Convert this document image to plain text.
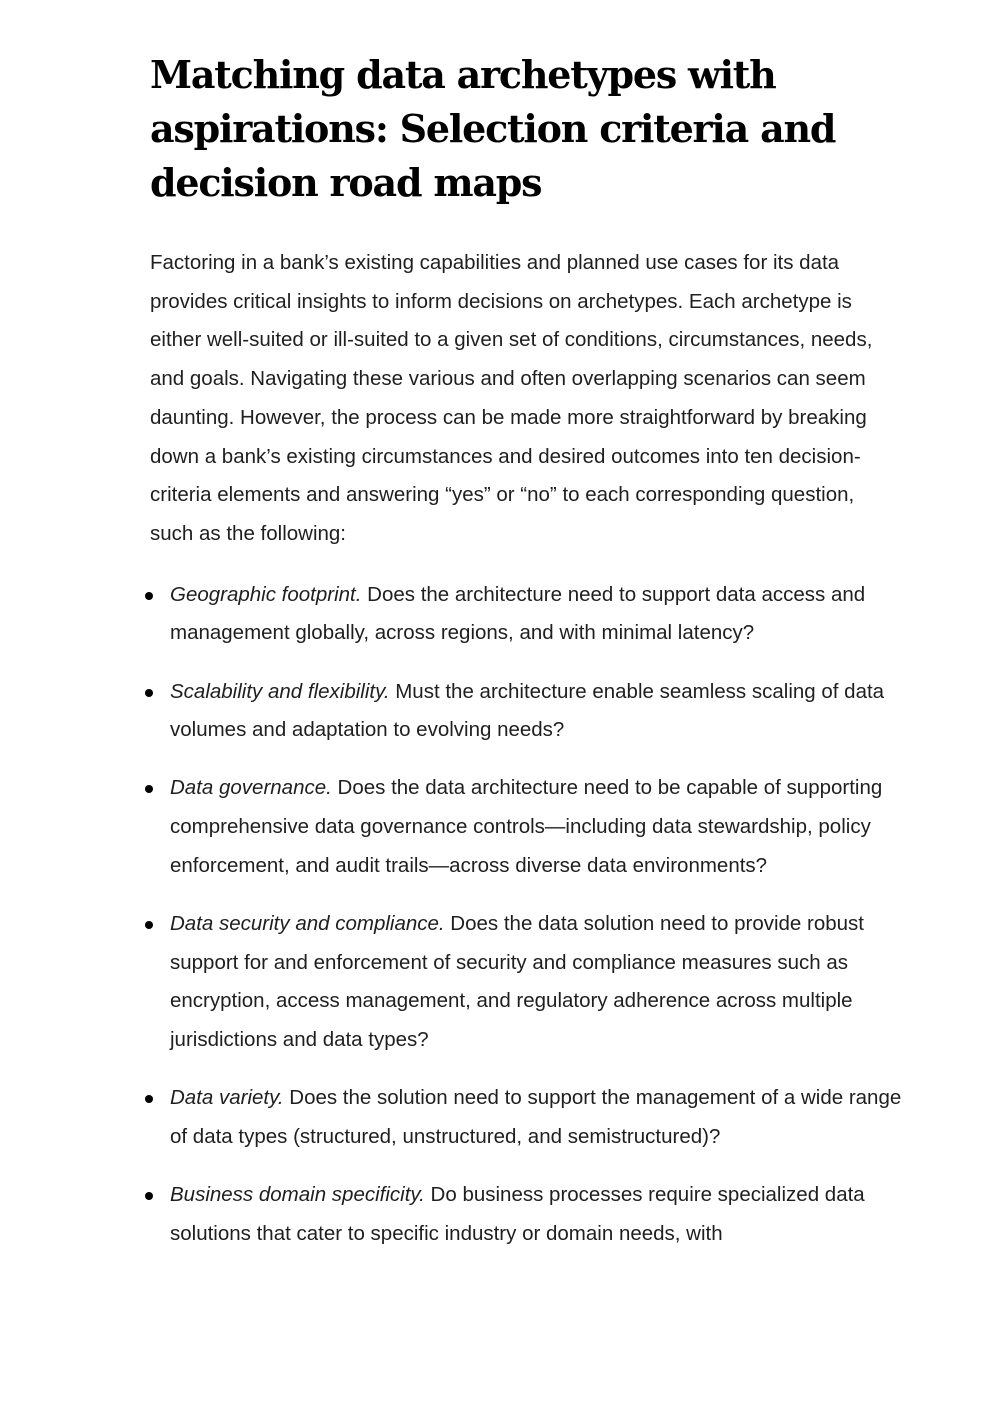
Matching data archetypes with aspirations: Selection criteria and decision road maps

Factoring in a bank’s existing capabilities and planned use cases for its data provides critical insights to inform decisions on archetypes. Each archetype is either well-suited or ill-suited to a given set of conditions, circumstances, needs, and goals. Navigating these various and often overlapping scenarios can seem daunting. However, the process can be made more straightforward by breaking down a bank’s existing circumstances and desired outcomes into ten decision-criteria elements and answering “yes” or “no” to each corresponding question, such as the following:

Geographic footprint. Does the architecture need to support data access and management globally, across regions, and with minimal latency?
Scalability and flexibility. Must the architecture enable seamless scaling of data volumes and adaptation to evolving needs?
Data governance. Does the data architecture need to be capable of supporting comprehensive data governance controls—including data stewardship, policy enforcement, and audit trails—across diverse data environments?
Data security and compliance. Does the data solution need to provide robust support for and enforcement of security and compliance measures such as encryption, access management, and regulatory adherence across multiple jurisdictions and data types?
Data variety. Does the solution need to support the management of a wide range of data types (structured, unstructured, and semistructured)?
Business domain specificity. Do business processes require specialized data solutions that cater to specific industry or domain needs, with
